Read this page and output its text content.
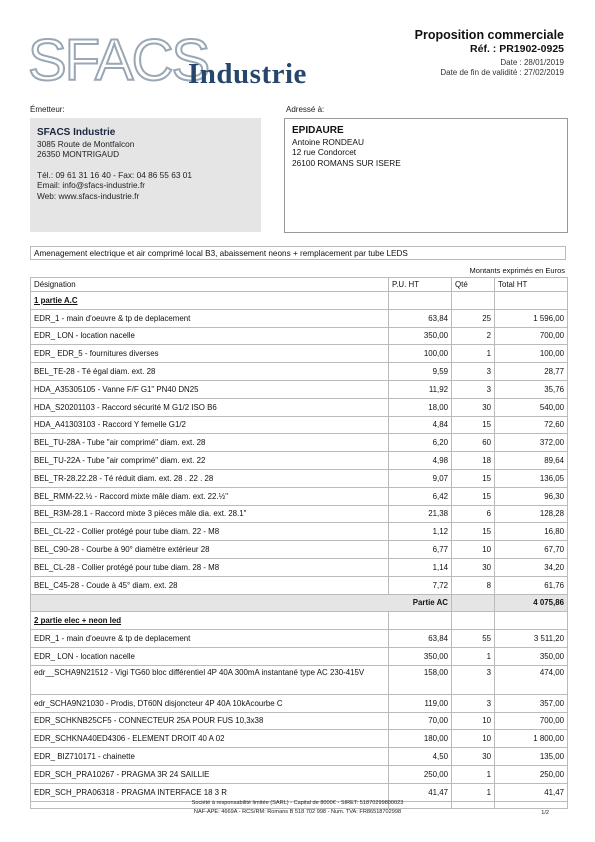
SFACS
Industrie
Proposition commerciale
Réf. : PR1902-0925
Date : 28/01/2019
Date de fin de validité : 27/02/2019
Émetteur:	Adressé à:
SFACS Industrie
3085 Route de Montfalcon
26350 MONTRIGAUD
Tél.: 09 61 31 16 40 - Fax: 04 86 55 63 01
Email: info@sfacs-industrie.fr
Web: www.sfacs-industrie.fr
EPIDAURE
Antoine RONDEAU
12 rue Condorcet
26100 ROMANS SUR ISERE
Amenagement electrique et air comprimé local B3, abaissement neons + remplacement par tube LEDS
Montants exprimés en Euros
Désignation	P.U. HT	Qté	Total HT
1 partie A.C			
EDR_1 - main d'oeuvre & tp de deplacement	63,84	25	1 596,00
EDR_ LON - location nacelle	350,00	2	700,00
EDR_ EDR_5 - fournitures diverses	100,00	1	100,00
BEL_TE-28 - Té égal diam. ext. 28	9,59	3	28,77
HDA_A35305105 - Vanne F/F G1" PN40 DN25	11,92	3	35,76
HDA_S20201103 - Raccord sécurité M G1/2 ISO B6	18,00	30	540,00
HDA_A41303103 - Raccord Y femelle G1/2	4,84	15	72,60
BEL_TU-28A - Tube "air comprimé" diam. ext. 28	6,20	60	372,00
BEL_TU-22A - Tube "air comprimé" diam. ext. 22	4,98	18	89,64
BEL_TR-28.22.28 - Té réduit diam. ext. 28 . 22 . 28	9,07	15	136,05
BEL_RMM-22.½ - Raccord mixte mâle diam. ext. 22.½"	6,42	15	96,30
BEL_R3M-28.1 - Raccord mixte 3 pièces mâle dia. ext. 28.1"	21,38	6	128,28
BEL_CL-22 - Collier protégé pour tube diam. 22 - M8	1,12	15	16,80
BEL_C90-28 - Courbe à 90° diamètre extérieur 28	6,77	10	67,70
BEL_CL-28 - Collier protégé pour tube diam. 28 - M8	1,14	30	34,20
BEL_C45-28 - Coude à 45° diam. ext. 28	7,72	8	61,76
Partie AC			4 075,86
2 partie elec + neon led			
EDR_1 - main d'oeuvre & tp de deplacement	63,84	55	3 511,20
EDR_ LON - location nacelle	350,00	1	350,00
edr__SCHA9N21512 - Vigi TG60 bloc différentiel 4P 40A 300mA instantané type AC 230-415V	158,00	3	474,00
edr_SCHA9N21030 - Prodis, DT60N disjoncteur 4P 40A 10kAcourbe C	119,00	3	357,00
EDR_SCHKNB25CF5 - CONNECTEUR 25A POUR FUS 10,3x38	70,00	10	700,00
EDR_SCHKNA40ED4306 - ELEMENT DROIT 40 A 02	180,00	10	1 800,00
EDR_ BIZ710171 - chainette	4,50	30	135,00
EDR_SCH_PRA10267 - PRAGMA 3R 24 SAILLIE	250,00	1	250,00
EDR_SCH_PRA06318 - PRAGMA INTERFACE 18 3 R	41,47	1	41,47

Société à responsabilité limitée (SARL) - Capital de 8000€ - SIRET: 51870299800023
NAF-APE: 4669A - RCS/RM: Romans B 518 702 998 - Num. TVA: FR86518702998	1/2
